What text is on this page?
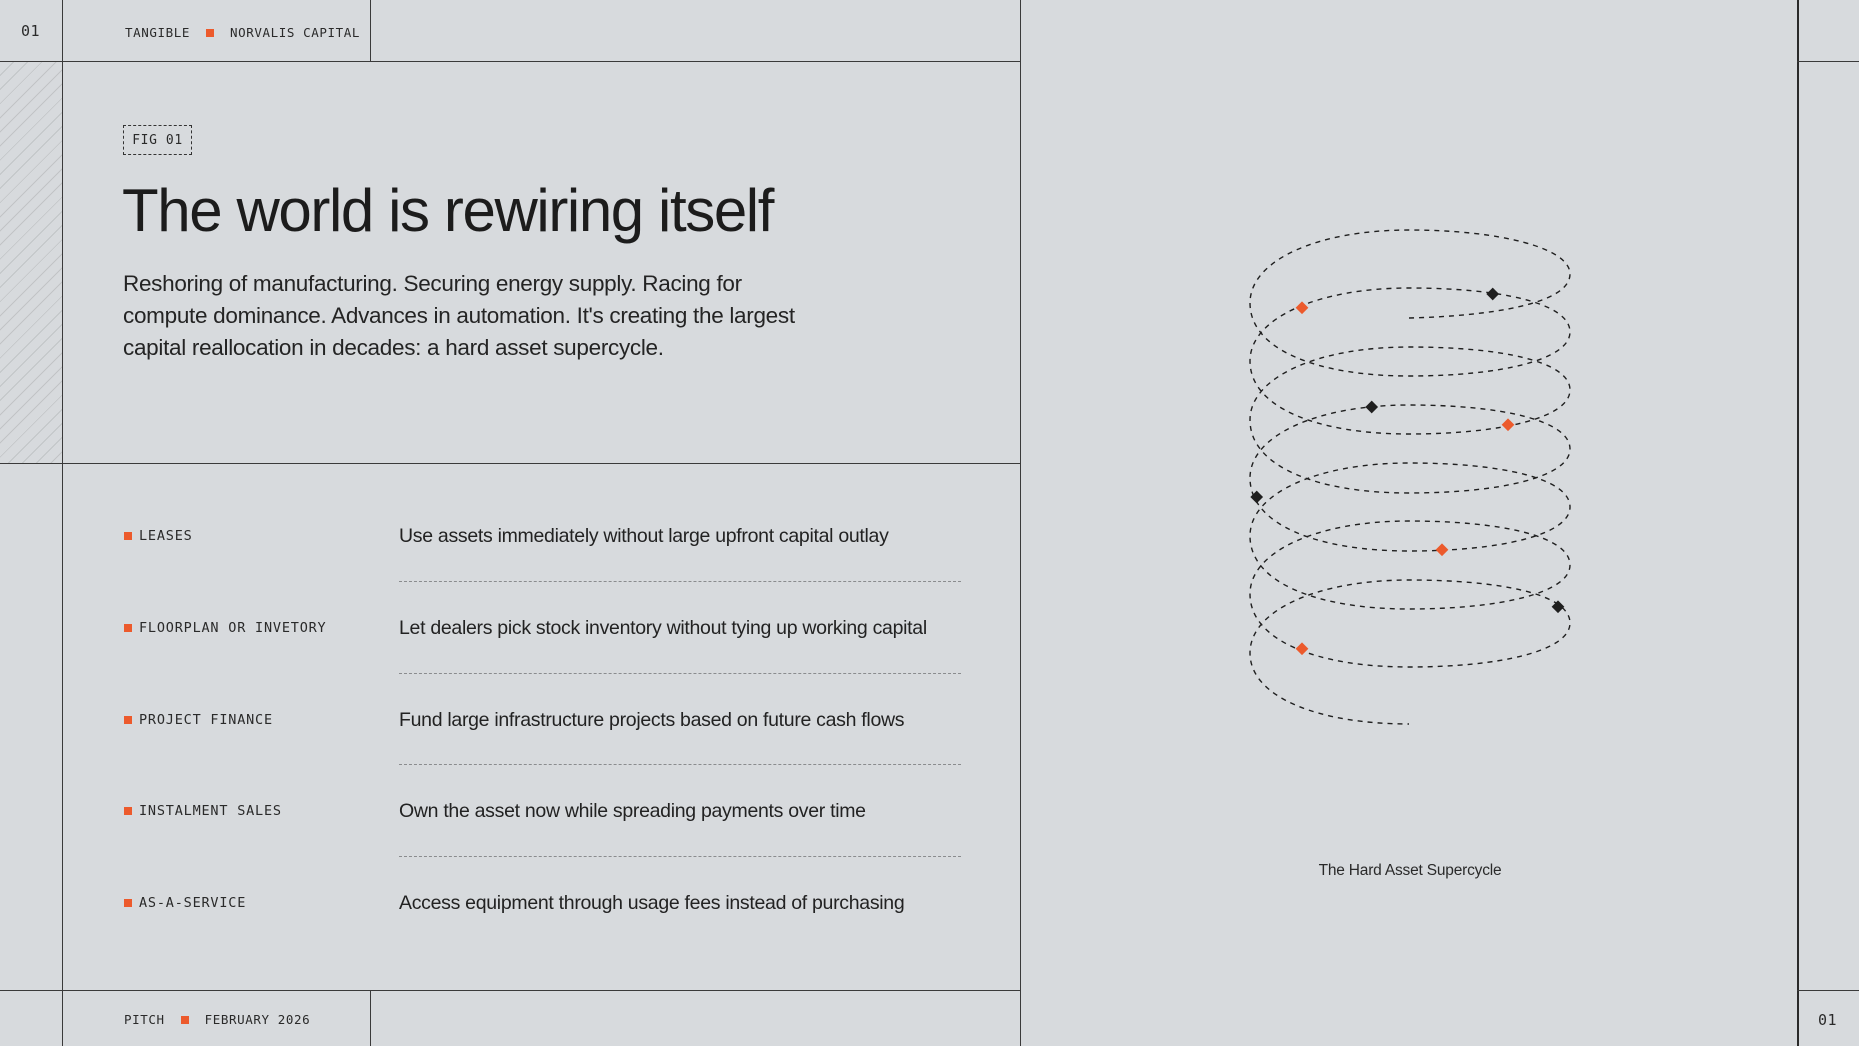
01	TANGIBLE	NORVALIS CAPITAL
FIG 01
The world is rewiring itself

Reshoring of manufacturing. Securing energy supply. Racing for compute dominance. Advances in automation. It's creating the largest capital reallocation in decades: a hard asset supercycle.

LEASES	Use assets immediately without large upfront capital outlay
FLOORPLAN OR INVETORY	Let dealers pick stock inventory without tying up working capital
PROJECT FINANCE	Fund large infrastructure projects based on future cash flows
INSTALMENT SALES	Own the asset now while spreading payments over time
AS-A-SERVICE	Access equipment through usage fees instead of purchasing
PITCH	FEBRUARY 2026	01
The Hard Asset Supercycle
